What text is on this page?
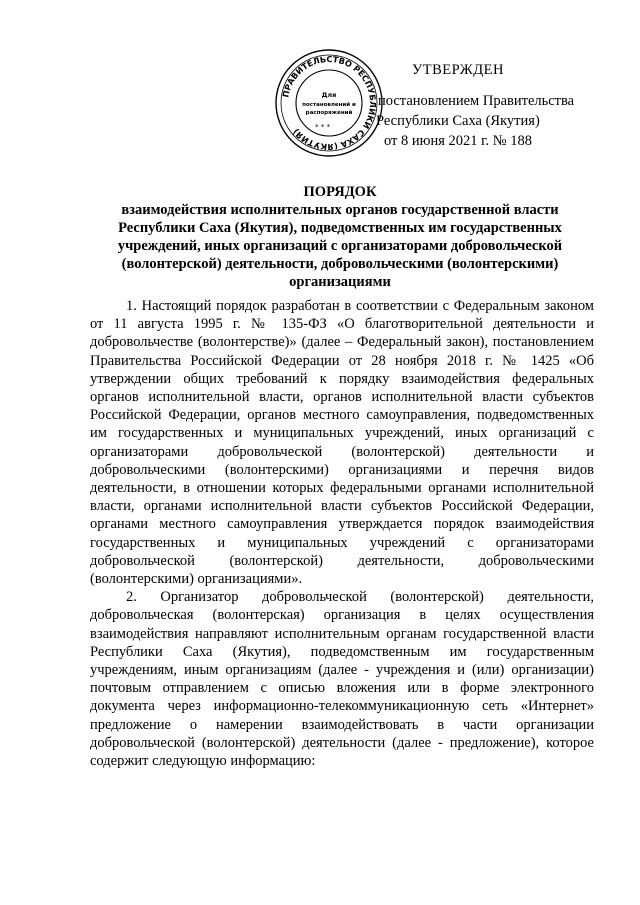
ПРАВИТЕЛЬСТВО РЕСПУБЛИКИ САХА (ЯКУТИЯ)
Для
постановлений и
распоряжений
* * *
УТВЕРЖДЕН
постановлением Правительства
Республики Саха (Якутия)
от 8 июня 2021 г. № 188
ПОРЯДОК
взаимодействия исполнительных органов государственной власти Республики Саха (Якутия), подведомственных им государственных учреждений, иных организаций с организаторами добровольческой (волонтерской) деятельности, добровольческими (волонтерскими) организациями

1. Настоящий порядок разработан в соответствии с Федеральным законом от 11 августа 1995 г. № 135-ФЗ «О благотворительной деятельности и добровольчестве (волонтерстве)» (далее – Федеральный закон), постановлением Правительства Российской Федерации от 28 ноября 2018 г. № 1425 «Об утверждении общих требований к порядку взаимодействия федеральных органов исполнительной власти, органов исполнительной власти субъектов Российской Федерации, органов местного самоуправления, подведомственных им государственных и муниципальных учреждений, иных организаций с организаторами добровольческой (волонтерской) деятельности и добровольческими (волонтерскими) организациями и перечня видов деятельности, в отношении которых федеральными органами исполнительной власти, органами исполнительной власти субъектов Российской Федерации, органами местного самоуправления утверждается порядок взаимодействия государственных и муниципальных учреждений с организаторами добровольческой (волонтерской) деятельности, добровольческими (волонтерскими) организациями».

2. Организатор добровольческой (волонтерской) деятельности, добровольческая (волонтерская) организация в целях осуществления взаимодействия направляют исполнительным органам государственной власти Республики Саха (Якутия), подведомственным им государственным учреждениям, иным организациям (далее - учреждения и (или) организации) почтовым отправлением с описью вложения или в форме электронного документа через информационно-телекоммуникационную сеть «Интернет» предложение о намерении взаимодействовать в части организации добровольческой (волонтерской) деятельности (далее - предложение), которое содержит следующую информацию:
